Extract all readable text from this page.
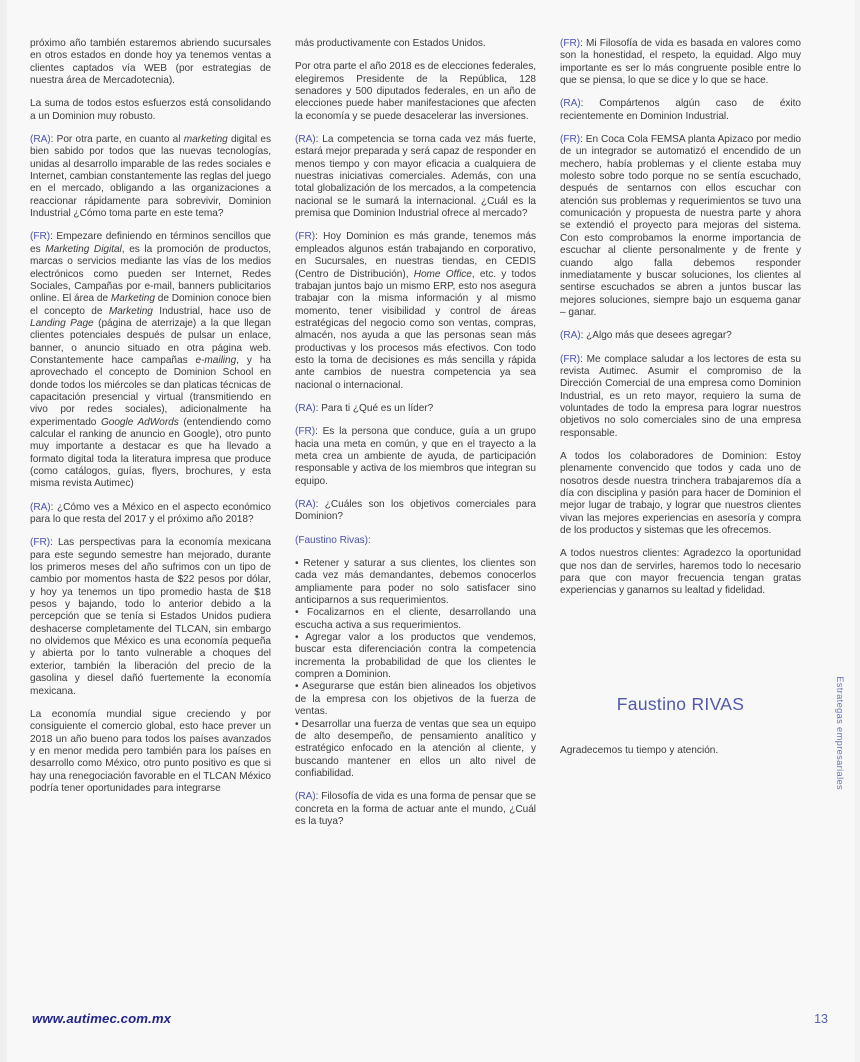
próximo año también estaremos abriendo sucursales en otros estados en donde hoy ya tenemos ventas a clientes captados vía WEB (por estrategias de nuestra área de Mercadotecnia).

La suma de todos estos esfuerzos está consolidando a un Dominion muy robusto.

(RA): Por otra parte, en cuanto al marketing digital es bien sabido por todos que las nuevas tecnologías, unidas al desarrollo imparable de las redes sociales e Internet, cambian constantemente las reglas del juego en el mercado, obligando a las organizaciones a reaccionar rápidamente para sobrevivir, Dominion Industrial ¿Cómo toma parte en este tema?

(FR): Empezare definiendo en términos sencillos que es Marketing Digital, es la promoción de productos, marcas o servicios mediante las vías de los medios electrónicos como pueden ser Internet, Redes Sociales, Campañas por e-mail, banners publicitarios online. El área de Marketing de Dominion conoce bien el concepto de Marketing Industrial, hace uso de Landing Page (página de aterrizaje) a la que llegan clientes potenciales después de pulsar un enlace, banner, o anuncio situado en otra página web. Constantemente hace campañas e-mailing, y ha aprovechado el concepto de Dominion School en donde todos los miércoles se dan platicas técnicas de capacitación presencial y virtual (transmitiendo en vivo por redes sociales), adicionalmente ha experimentado Google AdWords (entendiendo como calcular el ranking de anuncio en Google), otro punto muy importante a destacar es que ha llevado a formato digital toda la literatura impresa que produce (como catálogos, guías, flyers, brochures, y esta misma revista Autimec)

(RA): ¿Cómo ves a México en el aspecto económico para lo que resta del 2017 y el próximo año 2018?

(FR): Las perspectivas para la economía mexicana para este segundo semestre han mejorado, durante los primeros meses del año sufrimos con un tipo de cambio por momentos hasta de $22 pesos por dólar, y hoy ya tenemos un tipo promedio hasta de $18 pesos y bajando, todo lo anterior debido a la percepción que se tenía si Estados Unidos pudiera deshacerse completamente del TLCAN, sin embargo no olvidemos que México es una economía pequeña y abierta por lo tanto vulnerable a choques del exterior, también la liberación del precio de la gasolina y diesel dañó fuertemente la economía mexicana.

La economía mundial sigue creciendo y por consiguiente el comercio global, esto hace prever un 2018 un año bueno para todos los países avanzados y en menor medida pero también para los países en desarrollo como México, otro punto positivo es que si hay una renegociación favorable en el TLCAN México podría tener oportunidades para integrarse

más productivamente con Estados Unidos.

Por otra parte el año 2018 es de elecciones federales, elegiremos Presidente de la República, 128 senadores y 500 diputados federales, en un año de elecciones puede haber manifestaciones que afecten la economía y se puede desacelerar las inversiones.

(RA): La competencia se torna cada vez más fuerte, estará mejor preparada y será capaz de responder en menos tiempo y con mayor eficacia a cualquiera de nuestras iniciativas comerciales. Además, con una total globalización de los mercados, a la competencia nacional se le sumará la internacional. ¿Cuál es la premisa que Dominion Industrial ofrece al mercado?

(FR): Hoy Dominion es más grande, tenemos más empleados algunos están trabajando en corporativo, en Sucursales, en nuestras tiendas, en CEDIS (Centro de Distribución), Home Office, etc. y todos trabajan juntos bajo un mismo ERP, esto nos asegura trabajar con la misma información y al mismo momento, tener visibilidad y control de áreas estratégicas del negocio como son ventas, compras, almacén, nos ayuda a que las personas sean más productivas y los procesos más efectivos. Con todo esto la toma de decisiones es más sencilla y rápida ante cambios de nuestra competencia ya sea nacional o internacional.

(RA): Para ti ¿Qué es un líder?

(FR): Es la persona que conduce, guía a un grupo hacia una meta en común, y que en el trayecto a la meta crea un ambiente de ayuda, de participación responsable y activa de los miembros que integran su equipo.

(RA): ¿Cuáles son los objetivos comerciales para Dominion?

(Faustino Rivas):

• Retener y saturar a sus clientes, los clientes son cada vez más demandantes, debemos conocerlos ampliamente para poder no solo satisfacer sino anticiparnos a sus requerimientos.

• Focalizarnos en el cliente, desarrollando una escucha activa a sus requerimientos.

• Agregar valor a los productos que vendemos, buscar esta diferenciación contra la competencia incrementa la probabilidad de que los clientes le compren a Dominion.

• Asegurarse que están bien alineados los objetivos de la empresa con los objetivos de la fuerza de ventas.

• Desarrollar una fuerza de ventas que sea un equipo de alto desempeño, de pensamiento analítico y estratégico enfocado en la atención al cliente, y buscando mantener en ellos un alto nivel de confiabilidad.

(RA): Filosofía de vida es una forma de pensar que se concreta en la forma de actuar ante el mundo, ¿Cuál es la tuya?

(FR): Mi Filosofía de vida es basada en valores como son la honestidad, el respeto, la equidad. Algo muy importante es ser lo más congruente posible entre lo que se piensa, lo que se dice y lo que se hace.

(RA): Compártenos algún caso de éxito recientemente en Dominion Industrial.

(FR): En Coca Cola FEMSA planta Apizaco por medio de un integrador se automatizó el encendido de un mechero, había problemas y el cliente estaba muy molesto sobre todo porque no se sentía escuchado, después de sentarnos con ellos escuchar con atención sus problemas y requerimientos se tuvo una comunicación y propuesta de nuestra parte y ahora se extendió el proyecto para mejoras del sistema. Con esto comprobamos la enorme importancia de escuchar al cliente personalmente y de frente y cuando algo falla debemos responder inmediatamente y buscar soluciones, los clientes al sentirse escuchados se abren a juntos buscar las mejores soluciones, siempre bajo un esquema ganar – ganar.

(RA): ¿Algo más que desees agregar?

(FR): Me complace saludar a los lectores de esta su revista Autimec. Asumir el compromiso de la Dirección Comercial de una empresa como Dominion Industrial, es un reto mayor, requiero la suma de voluntades de todo la empresa para lograr nuestros objetivos no solo comerciales sino de una empresa responsable.

A todos los colaboradores de Dominion: Estoy plenamente convencido que todos y cada uno de nosotros desde nuestra trinchera trabajaremos día a día con disciplina y pasión para hacer de Dominion el mejor lugar de trabajo, y lograr que nuestros clientes vivan las mejores experiencias en asesoría y compra de los productos y sistemas que les ofrecemos.

A todos nuestros clientes: Agradezco la oportunidad que nos dan de servirles, haremos todo lo necesario para que con mayor frecuencia tengan gratas experiencias y ganarnos su lealtad y fidelidad.

Faustino RIVAS
Agradecemos tu tiempo y atención.
www.autimec.com.mx	13
Estrategas empresariales
